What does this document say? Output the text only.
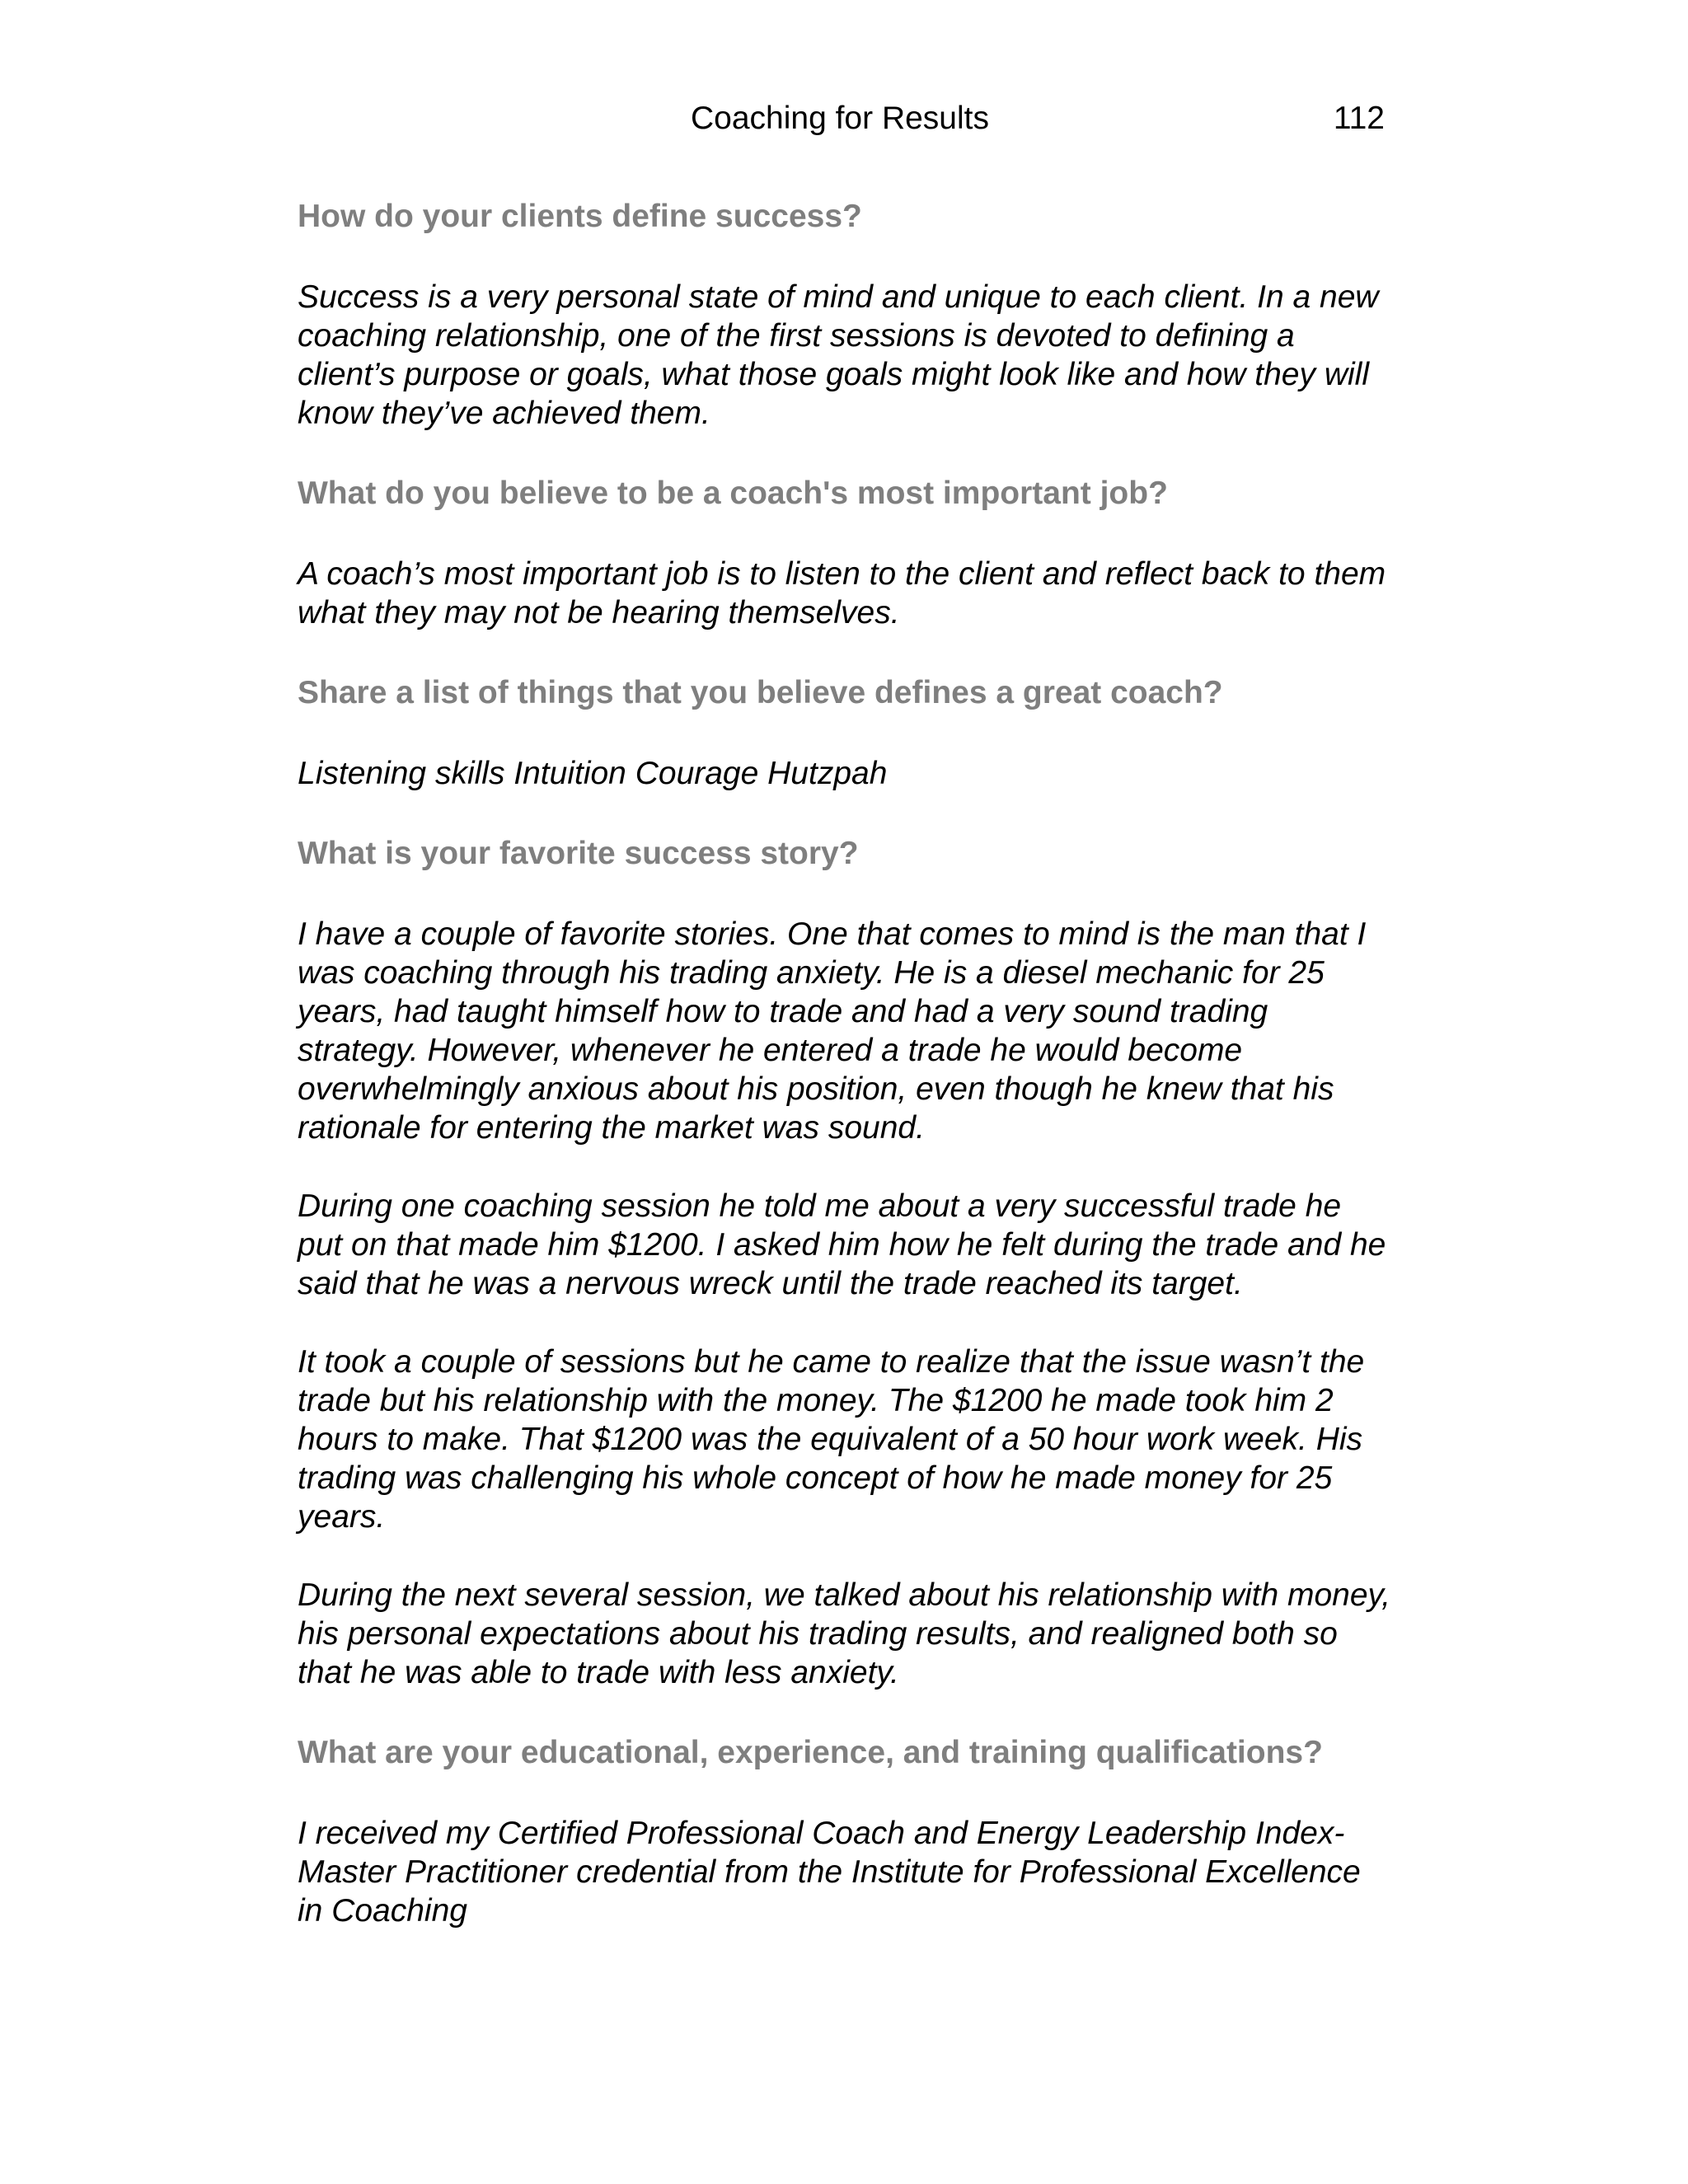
Coaching for Results	112

How do your clients define success?

Success is a very personal state of mind and unique to each client. In a new coaching relationship, one of the first sessions is devoted to defining a client’s purpose or goals, what those goals might look like and how they will know they’ve achieved them.

What do you believe to be a coach's most important job?

A coach’s most important job is to listen to the client and reflect back to them what they may not be hearing themselves.

Share a list of things that you believe defines a great coach?

Listening skills Intuition Courage Hutzpah

What is your favorite success story?

I have a couple of favorite stories. One that comes to mind is the man that I was coaching through his trading anxiety. He is a diesel mechanic for 25 years, had taught himself how to trade and had a very sound trading strategy. However, whenever he entered a trade he would become overwhelmingly anxious about his position, even though he knew that his rationale for entering the market was sound.

During one coaching session he told me about a very successful trade he put on that made him $1200. I asked him how he felt during the trade and he said that he was a nervous wreck until the trade reached its target.

It took a couple of sessions but he came to realize that the issue wasn’t the trade but his relationship with the money. The $1200 he made took him 2 hours to make. That $1200 was the equivalent of a 50 hour work week. His trading was challenging his whole concept of how he made money for 25 years.

During the next several session, we talked about his relationship with money, his personal expectations about his trading results, and realigned both so that he was able to trade with less anxiety.

What are your educational, experience, and training qualifications?

I received my Certified Professional Coach and Energy Leadership Index-Master Practitioner credential from the Institute for Professional Excellence in Coaching
